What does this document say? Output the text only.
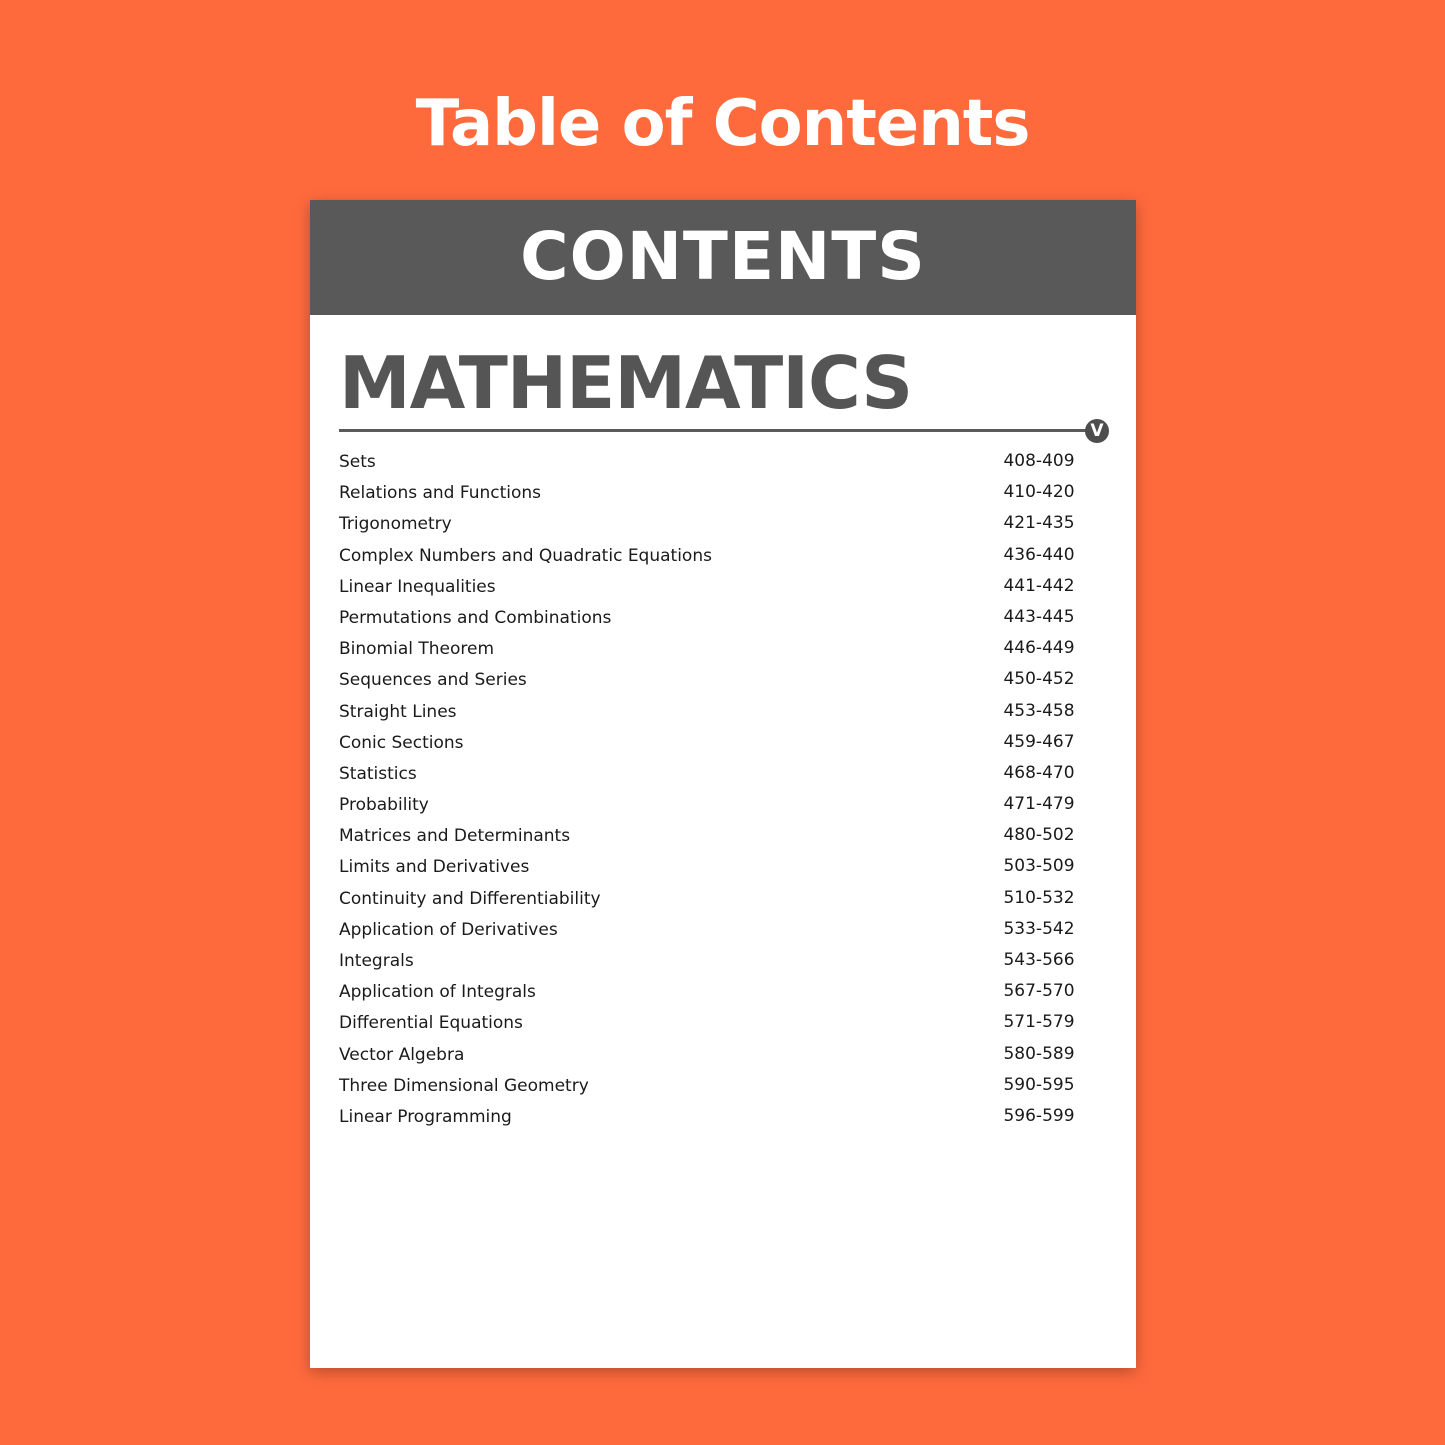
Table of Contents
CONTENTS
MATHEMATICS
V
Sets	408-409
Relations and Functions	410-420
Trigonometry	421-435
Complex Numbers and Quadratic Equations	436-440
Linear Inequalities	441-442
Permutations and Combinations	443-445
Binomial Theorem	446-449
Sequences and Series	450-452
Straight Lines	453-458
Conic Sections	459-467
Statistics	468-470
Probability	471-479
Matrices and Determinants	480-502
Limits and Derivatives	503-509
Continuity and Differentiability	510-532
Application of Derivatives	533-542
Integrals	543-566
Application of Integrals	567-570
Differential Equations	571-579
Vector Algebra	580-589
Three Dimensional Geometry	590-595
Linear Programming	596-599
